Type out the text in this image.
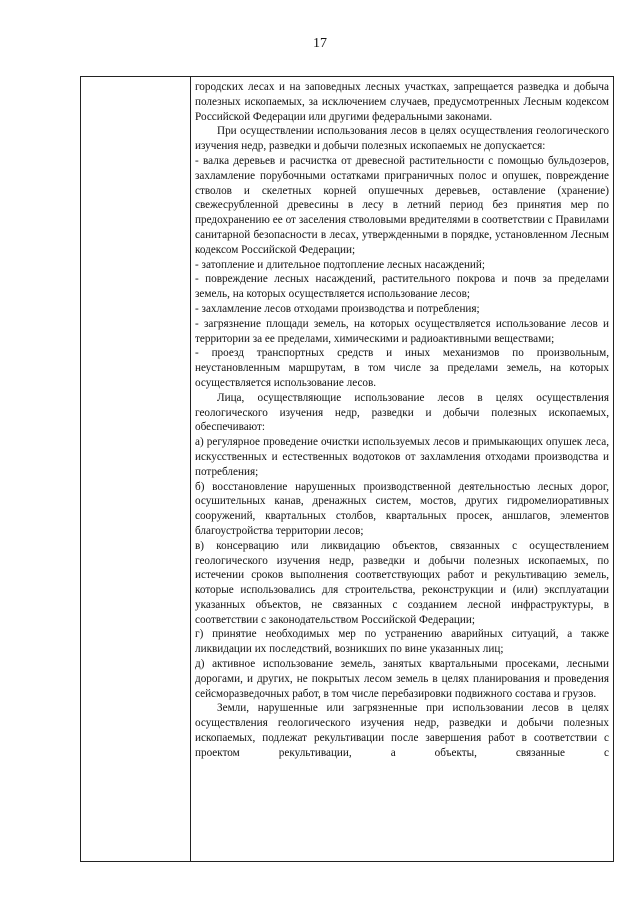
17

городских лесах и на заповедных лесных участках, запрещается разведка и добыча полезных ископаемых, за исключением случаев, предусмотренных Лесным кодексом Российской Федерации или другими федеральными законами.

При осуществлении использования лесов в целях осуществления геологического изучения недр, разведки и добычи полезных ископаемых не допускается:

- валка деревьев и расчистка от древесной растительности с помощью бульдозеров, захламление порубочными остатками приграничных полос и опушек, повреждение стволов и скелетных корней опушечных деревьев, оставление (хранение) свежесрубленной древесины в лесу в летний период без принятия мер по предохранению ее от заселения стволовыми вредителями в соответствии с Правилами санитарной безопасности в лесах, утвержденными в порядке, установленном Лесным кодексом Российской Федерации;

- затопление и длительное подтопление лесных насаждений;

- повреждение лесных насаждений, растительного покрова и почв за пределами земель, на которых осуществляется использование лесов;

- захламление лесов отходами производства и потребления;

- загрязнение площади земель, на которых осуществляется использование лесов и территории за ее пределами, химическими и радиоактивными веществами;

- проезд транспортных средств и иных механизмов по произвольным, неустановленным маршрутам, в том числе за пределами земель, на которых осуществляется использование лесов.

Лица, осуществляющие использование лесов в целях осуществления геологического изучения недр, разведки и добычи полезных ископаемых, обеспечивают:

а) регулярное проведение очистки используемых лесов и примыкающих опушек леса, искусственных и естественных водотоков от захламления отходами производства и потребления;

б) восстановление нарушенных производственной деятельностью лесных дорог, осушительных канав, дренажных систем, мостов, других гидромелиоративных сооружений, квартальных столбов, квартальных просек, аншлагов, элементов благоустройства территории лесов;

в) консервацию или ликвидацию объектов, связанных с осуществлением геологического изучения недр, разведки и добычи полезных ископаемых, по истечении сроков выполнения соответствующих работ и рекультивацию земель, которые использовались для строительства, реконструкции и (или) эксплуатации указанных объектов, не связанных с созданием лесной инфраструктуры, в соответствии с законодательством Российской Федерации;

г) принятие необходимых мер по устранению аварийных ситуаций, а также ликвидации их последствий, возникших по вине указанных лиц;

д) активное использование земель, занятых квартальными просеками, лесными дорогами, и других, не покрытых лесом земель в целях планирования и проведения сейсморазведочных работ, в том числе перебазировки подвижного состава и грузов.

Земли, нарушенные или загрязненные при использовании лесов в целях осуществления геологического изучения недр, разведки и добычи полезных ископаемых, подлежат рекультивации после завершения работ в соответствии с проектом рекультивации, а объекты, связанные с
